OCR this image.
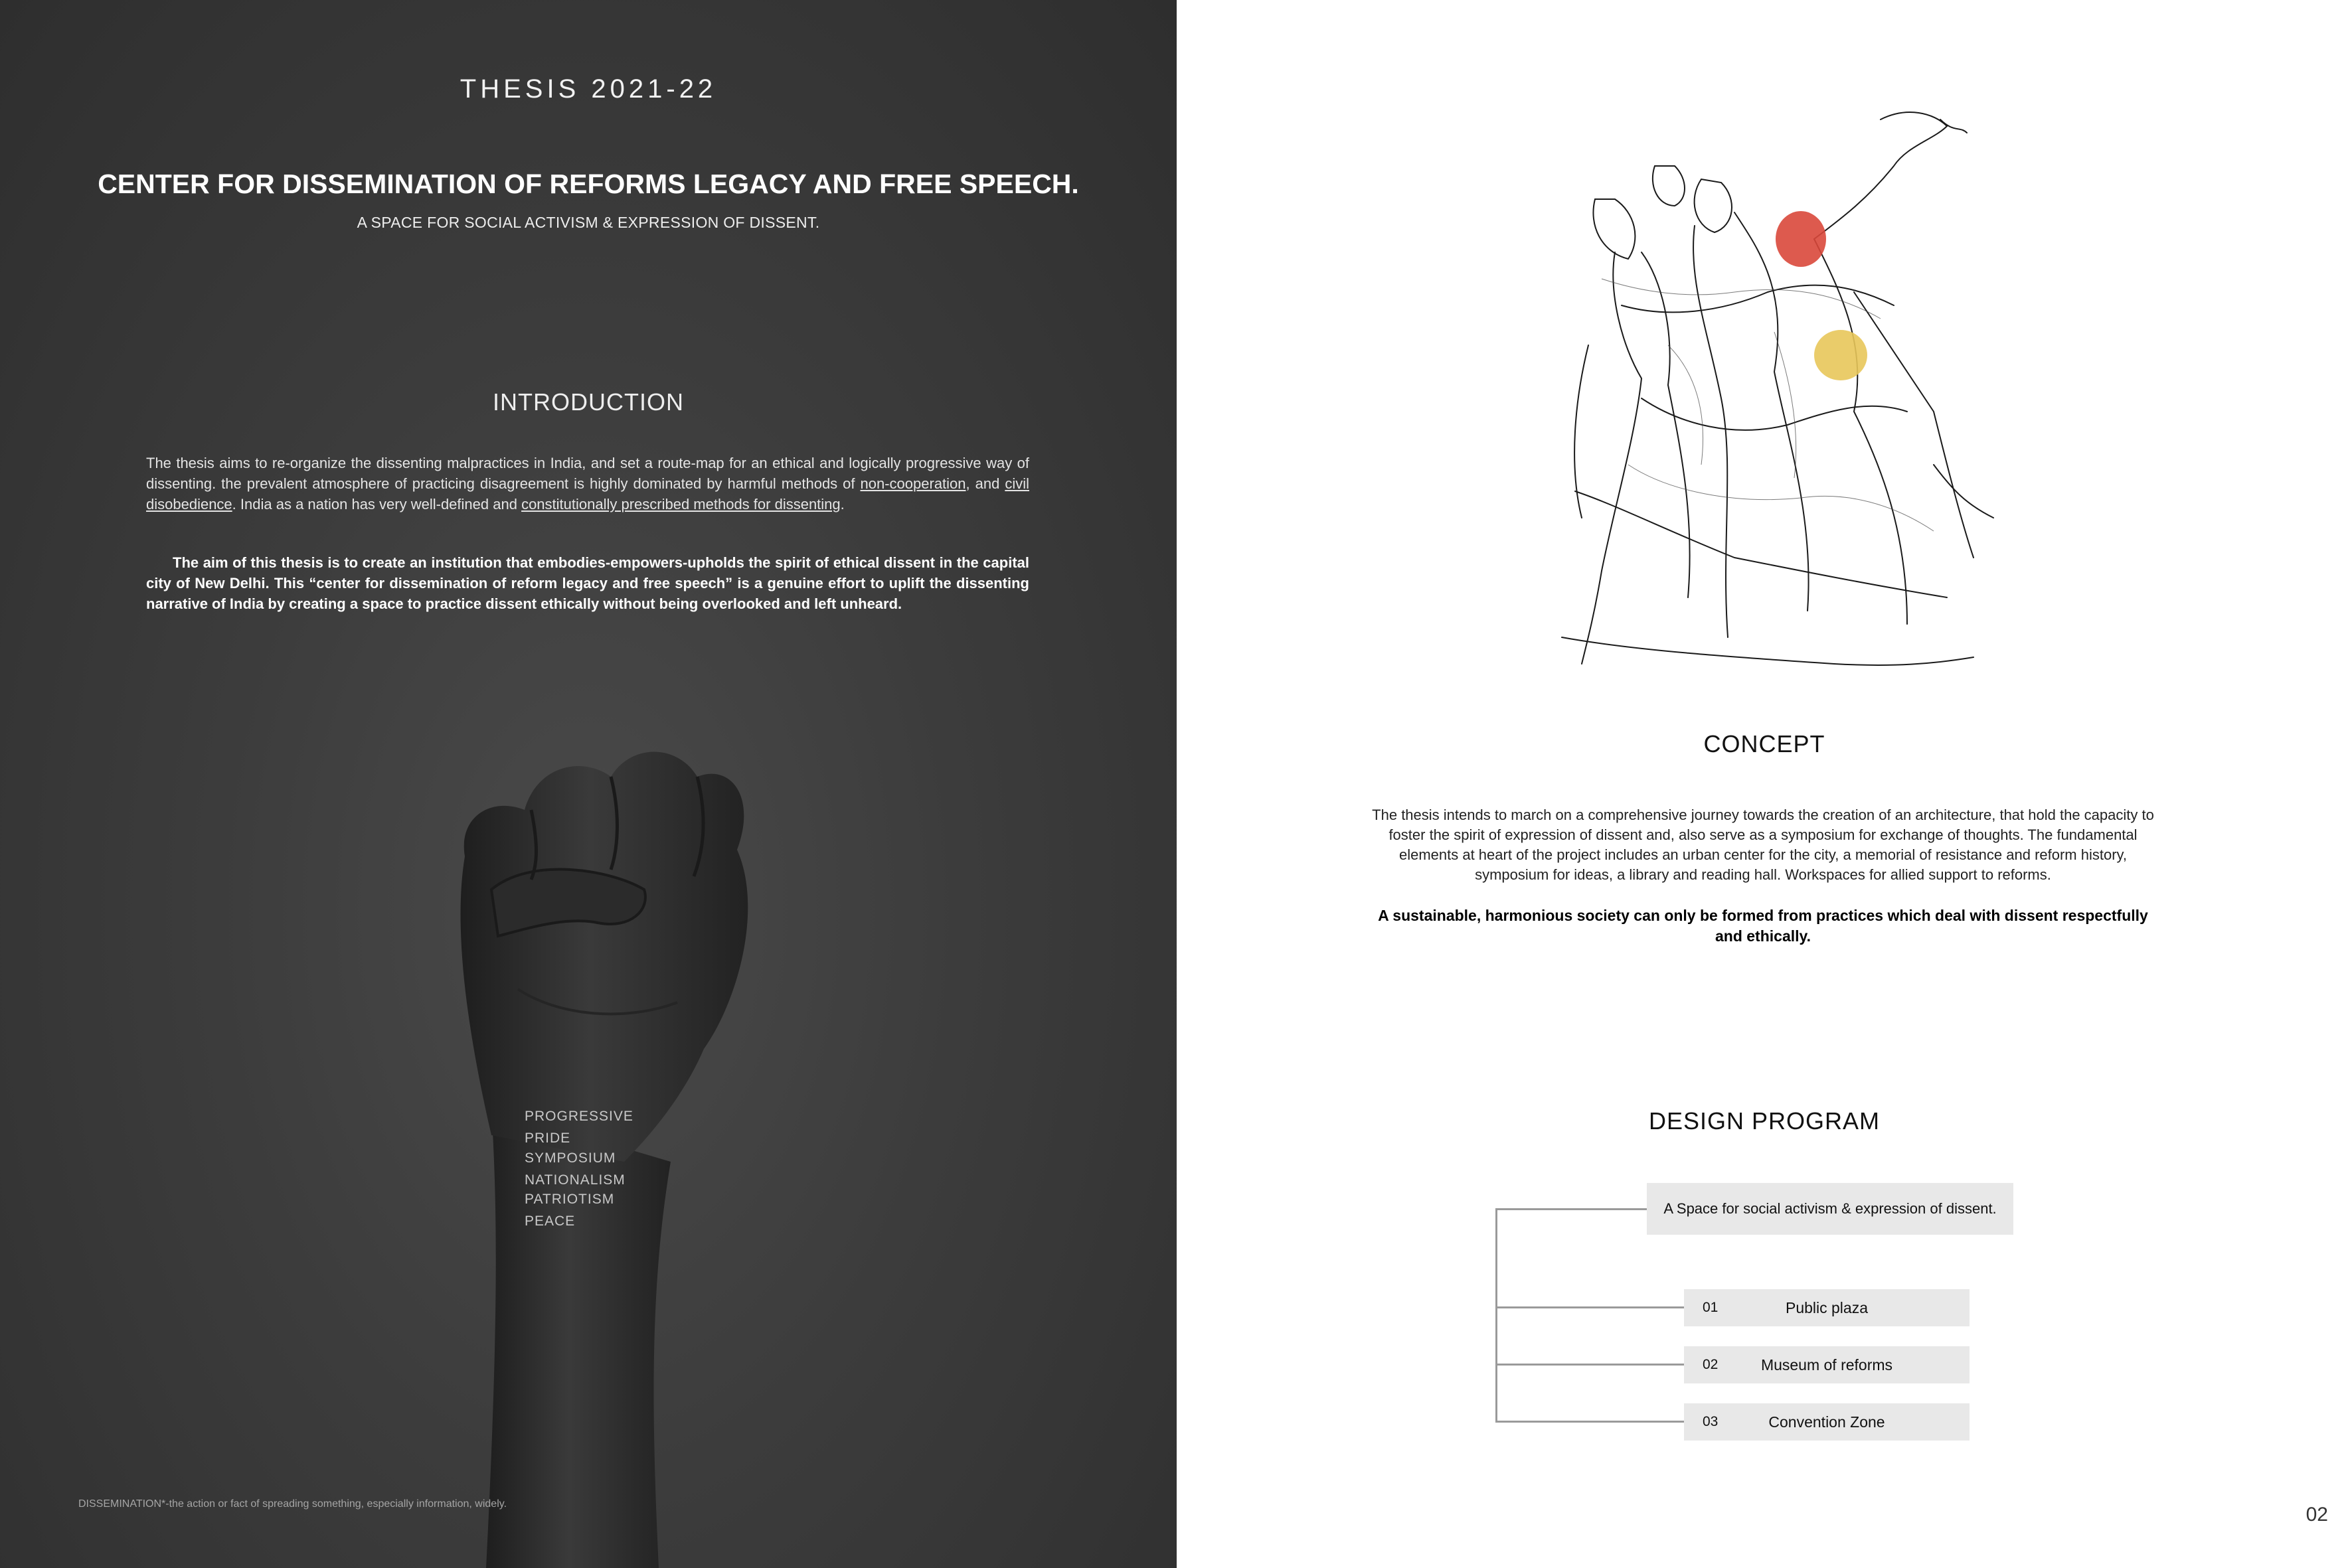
THESIS 2021-22
CENTER FOR DISSEMINATION OF REFORMS LEGACY AND FREE SPEECH.
A SPACE FOR SOCIAL ACTIVISM & EXPRESSION OF DISSENT.
INTRODUCTION
The thesis aims to re-organize the dissenting malpractices in India, and set a route-map for an ethical and logically progressive way of dissenting. the prevalent atmosphere of practicing disagreement is highly dominated by harmful methods of non-cooperation, and civil disobedience. India as a nation has very well-defined and constitutionally prescribed methods for dissenting.
The aim of this thesis is to create an institution that embodies-empowers-upholds the spirit of ethical dissent in the capital city of New Delhi. This “center for dissemination of reform legacy and free speech” is a genuine effort to uplift the dissenting narrative of India by creating a space to practice dissent ethically without being overlooked and left unheard.
PROGRESSIVE
PRIDE
SYMPOSIUM
NATIONALISM
PATRIOTISM
PEACE
DISSEMINATION*-the action or fact of spreading something, especially information, widely.
CONCEPT
The thesis intends to march on a comprehensive journey towards the creation of an architecture, that hold the capacity to foster the spirit of expression of dissent and, also serve as a symposium for exchange of thoughts. The fundamental elements at heart of the project includes an urban center for the city, a memorial of resistance and reform history, symposium for ideas, a library and reading hall. Workspaces for allied support to reforms.
A sustainable, harmonious society can only be formed from practices which deal with dissent respectfully and ethically.
DESIGN PROGRAM
A Space for social activism & expression of dissent.
Public plaza
01
Museum of reforms
02
Convention Zone
03
02
